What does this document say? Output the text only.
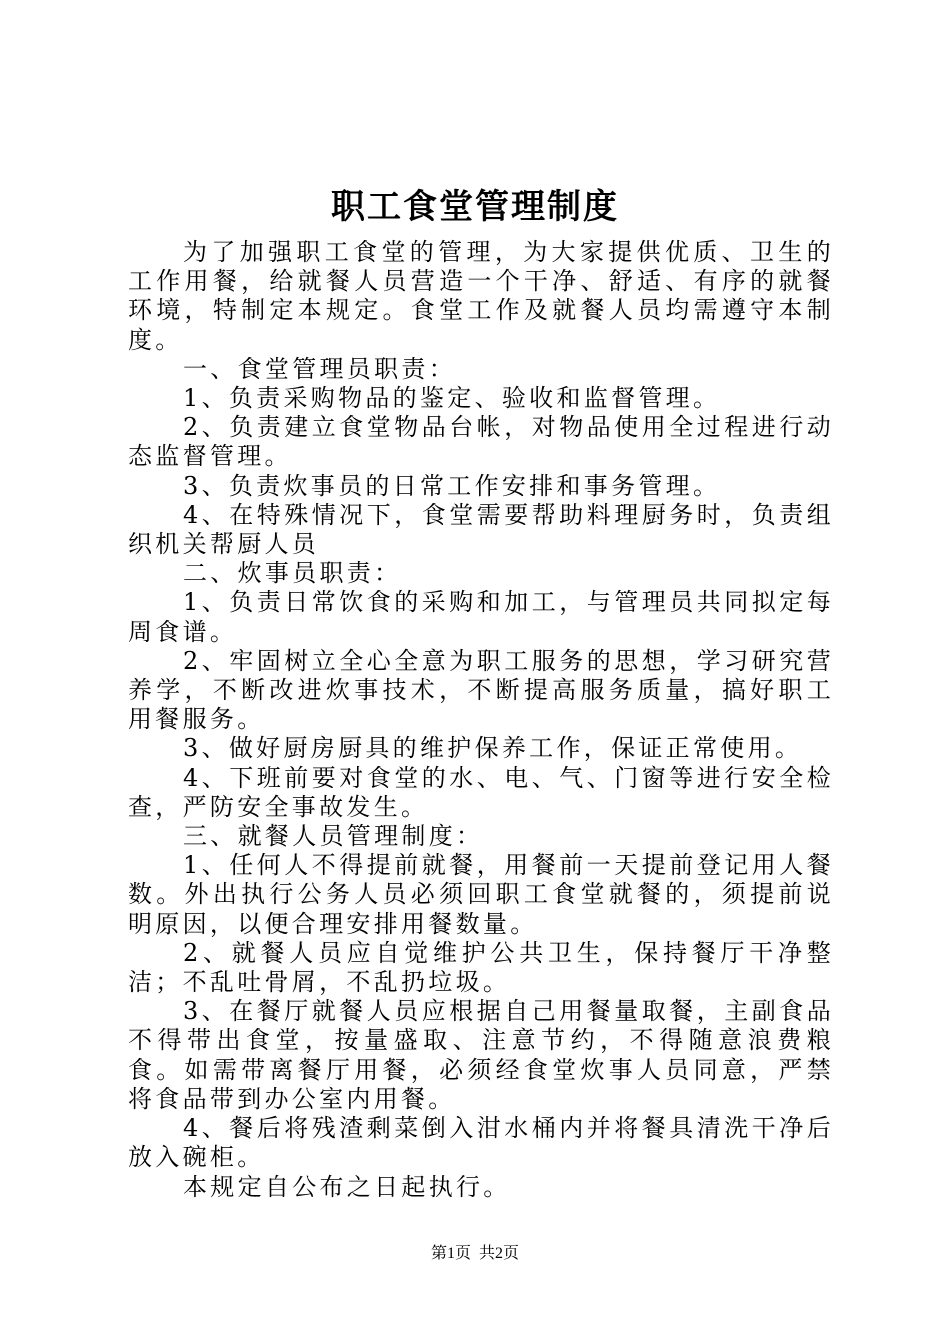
职工食堂管理制度

为了加强职工食堂的管理，为大家提供优质、卫生的工作用餐，给就餐人员营造一个干净、舒适、有序的就餐环境，特制定本规定。食堂工作及就餐人员均需遵守本制度。

一、食堂管理员职责：

1、负责采购物品的鉴定、验收和监督管理。

2、负责建立食堂物品台帐，对物品使用全过程进行动态监督管理。

3、负责炊事员的日常工作安排和事务管理。

4、在特殊情况下，食堂需要帮助料理厨务时，负责组织机关帮厨人员

二、炊事员职责：

1、负责日常饮食的采购和加工，与管理员共同拟定每周食谱。

2、牢固树立全心全意为职工服务的思想，学习研究营养学，不断改进炊事技术，不断提高服务质量，搞好职工用餐服务。

3、做好厨房厨具的维护保养工作，保证正常使用。

4、下班前要对食堂的水、电、气、门窗等进行安全检查，严防安全事故发生。

三、就餐人员管理制度：

1、任何人不得提前就餐，用餐前一天提前登记用人餐数。外出执行公务人员必须回职工食堂就餐的，须提前说明原因，以便合理安排用餐数量。

2、就餐人员应自觉维护公共卫生，保持餐厅干净整洁；不乱吐骨屑，不乱扔垃圾。

3、在餐厅就餐人员应根据自己用餐量取餐，主副食品不得带出食堂，按量盛取、注意节约，不得随意浪费粮食。如需带离餐厅用餐，必须经食堂炊事人员同意，严禁将食品带到办公室内用餐。

4、餐后将残渣剩菜倒入泔水桶内并将餐具清洗干净后放入碗柜。

本规定自公布之日起执行。

第1页 共2页
